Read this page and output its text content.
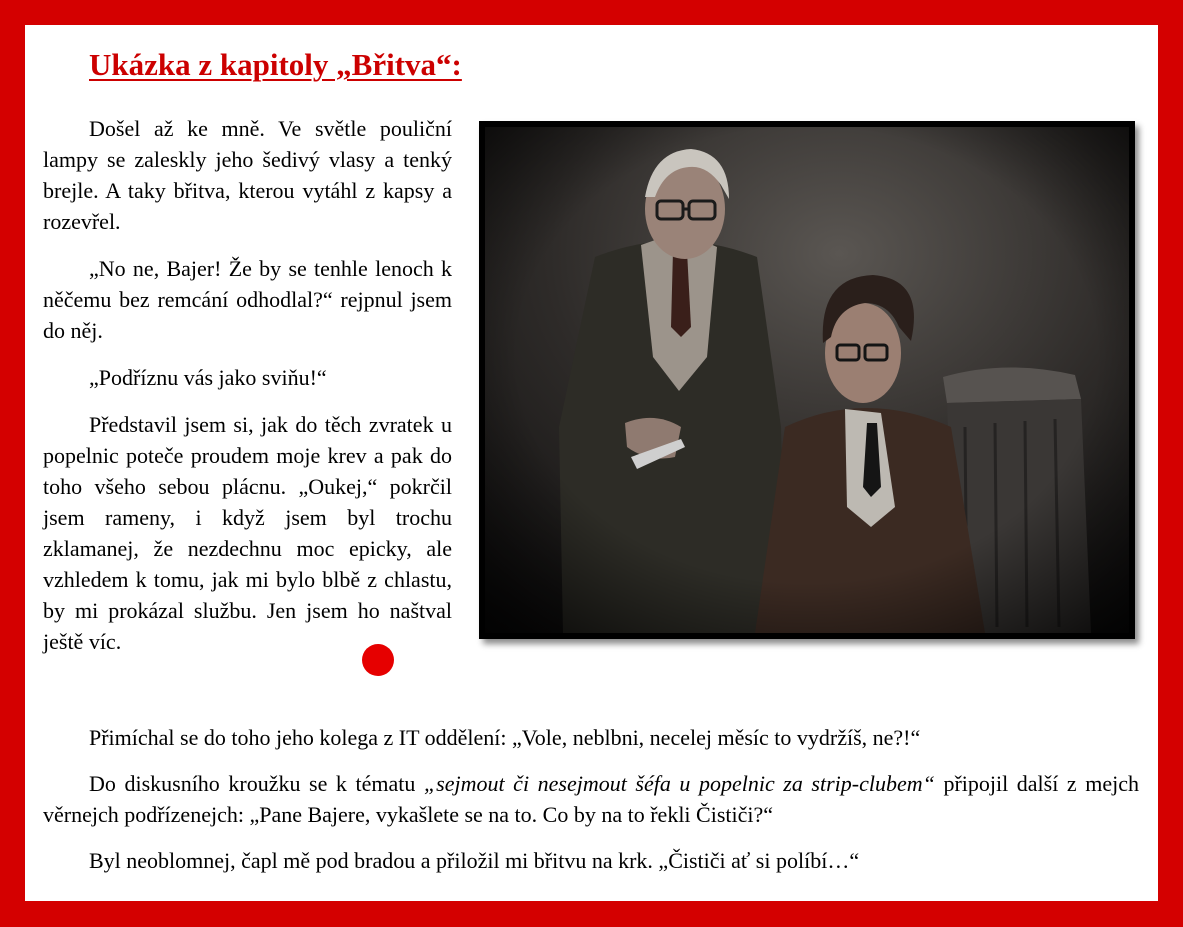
Ukázka z kapitoly „Břitva“:

Došel až ke mně. Ve světle pouliční lampy se zaleskly jeho šedivý vlasy a tenký brejle. A taky břitva, kterou vytáhl z kapsy a rozevřel.

„No ne, Bajer! Že by se tenhle lenoch k něčemu bez remcání odhodlal?“ rejpnul jsem do něj.

„Podříznu vás jako sviňu!“

Představil jsem si, jak do těch zvratek u popelnic poteče proudem moje krev a pak do toho všeho sebou plácnu. „Oukej,“ pokrčil jsem rameny, i když jsem byl trochu zklamanej, že nezdechnu moc epicky, ale vzhledem k tomu, jak mi bylo blbě z chlastu, by mi prokázal službu. Jen jsem ho naštval ještě víc.

Přimíchal se do toho jeho kolega z IT oddělení: „Vole, neblbni, necelej měsíc to vydržíš, ne?!“

Do diskusního kroužku se k tématu „sejmout či nesejmout šéfa u popelnic za strip-clubem“ připojil další z mejch věrnejch podřízenejch: „Pane Bajere, vykašlete se na to. Co by na to řekli Čističi?“

Byl neoblomnej, čapl mě pod bradou a přiložil mi břitvu na krk. „Čističi ať si políbí…“
